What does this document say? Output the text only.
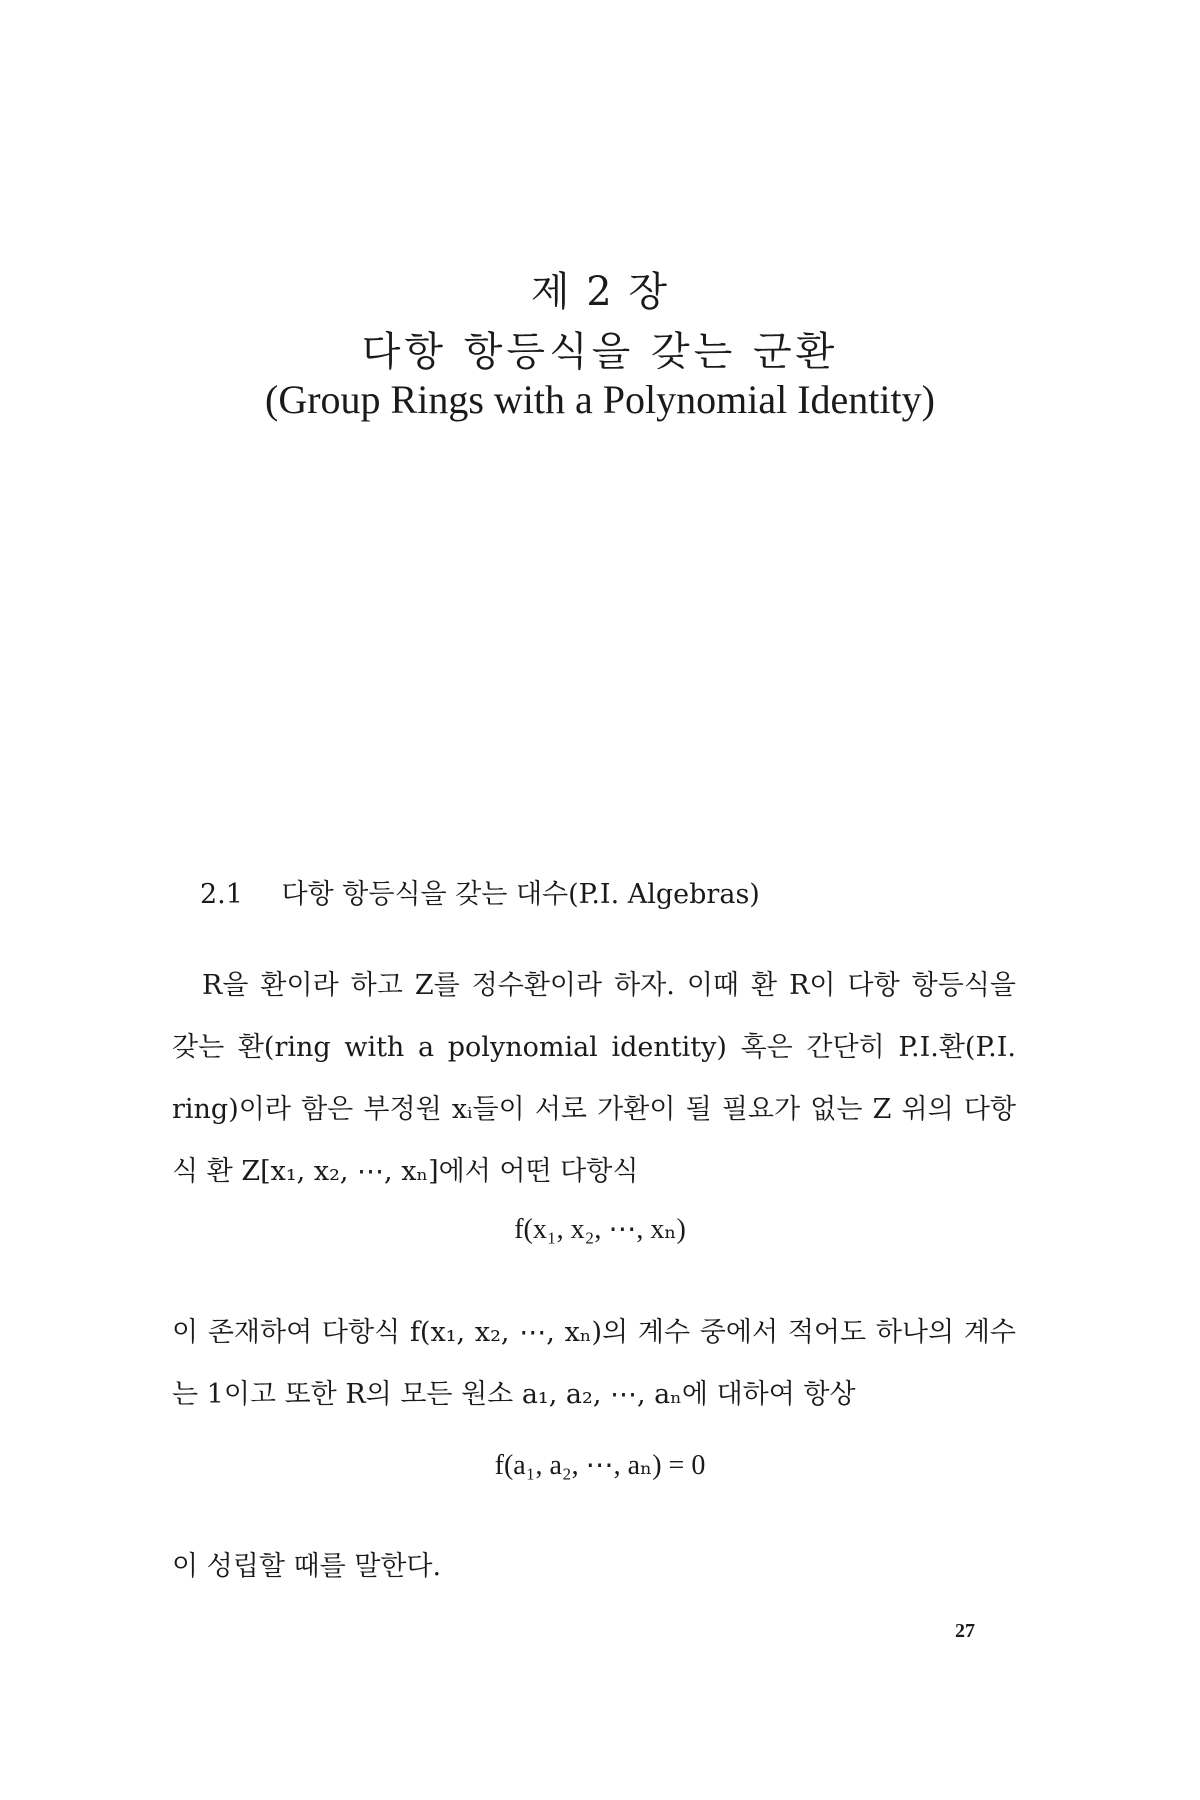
제 2 장
다항 항등식을 갖는 군환
(Group Rings with a Polynomial Identity)
2.1 다항 항등식을 갖는 대수(P.I. Algebras)
R을 환이라 하고 Z를 정수환이라 하자. 이때 환 R이 다항 항등식을 갖는 환(ring with a polynomial identity) 혹은 간단히 P.I.환(P.I. ring)이라 함은 부정원 xᵢ들이 서로 가환이 될 필요가 없는 Z 위의 다항식 환 Z[x₁, x₂, ⋯, xₙ]에서 어떤 다항식
f(x₁, x₂, ⋯, xₙ)
이 존재하여 다항식 f(x₁, x₂, ⋯, xₙ)의 계수 중에서 적어도 하나의 계수는 1이고 또한 R의 모든 원소 a₁, a₂, ⋯, aₙ에 대하여 항상
f(a₁, a₂, ⋯, aₙ) = 0
이 성립할 때를 말한다.
27
